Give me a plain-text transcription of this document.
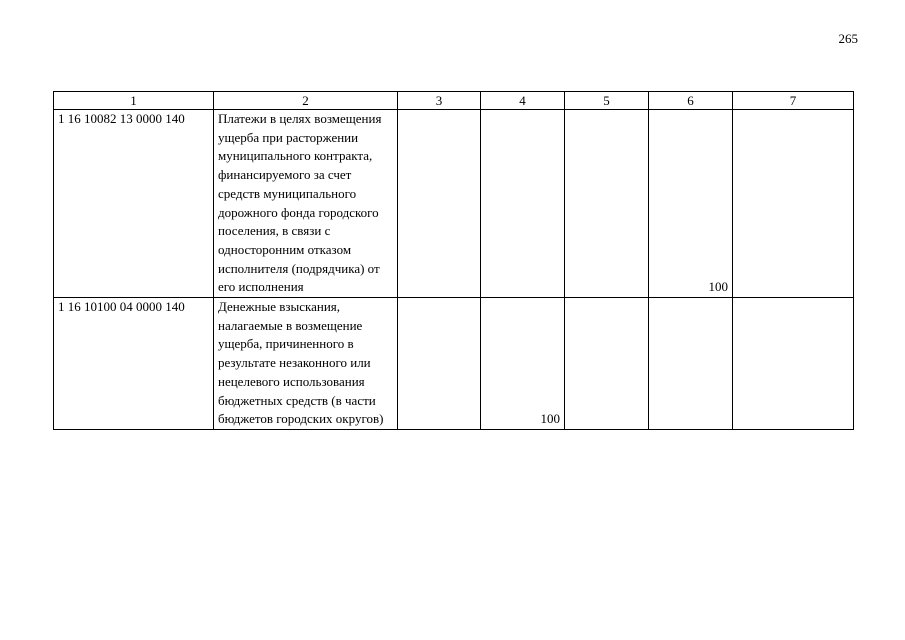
265
1	2	3	4	5	6	7
1 16 10082 13 0000 140	Платежи в целях возмещения ущерба при расторжении муниципального контракта, финансируемого за счет средств муниципального дорожного фонда городского поселения, в связи с односторонним отказом исполнителя (подрядчика) от его исполнения				100	
1 16 10100 04 0000 140	Денежные взыскания, налагаемые в возмещение ущерба, причиненного в результате незаконного или нецелевого использования бюджетных средств (в части бюджетов городских округов)		100			
